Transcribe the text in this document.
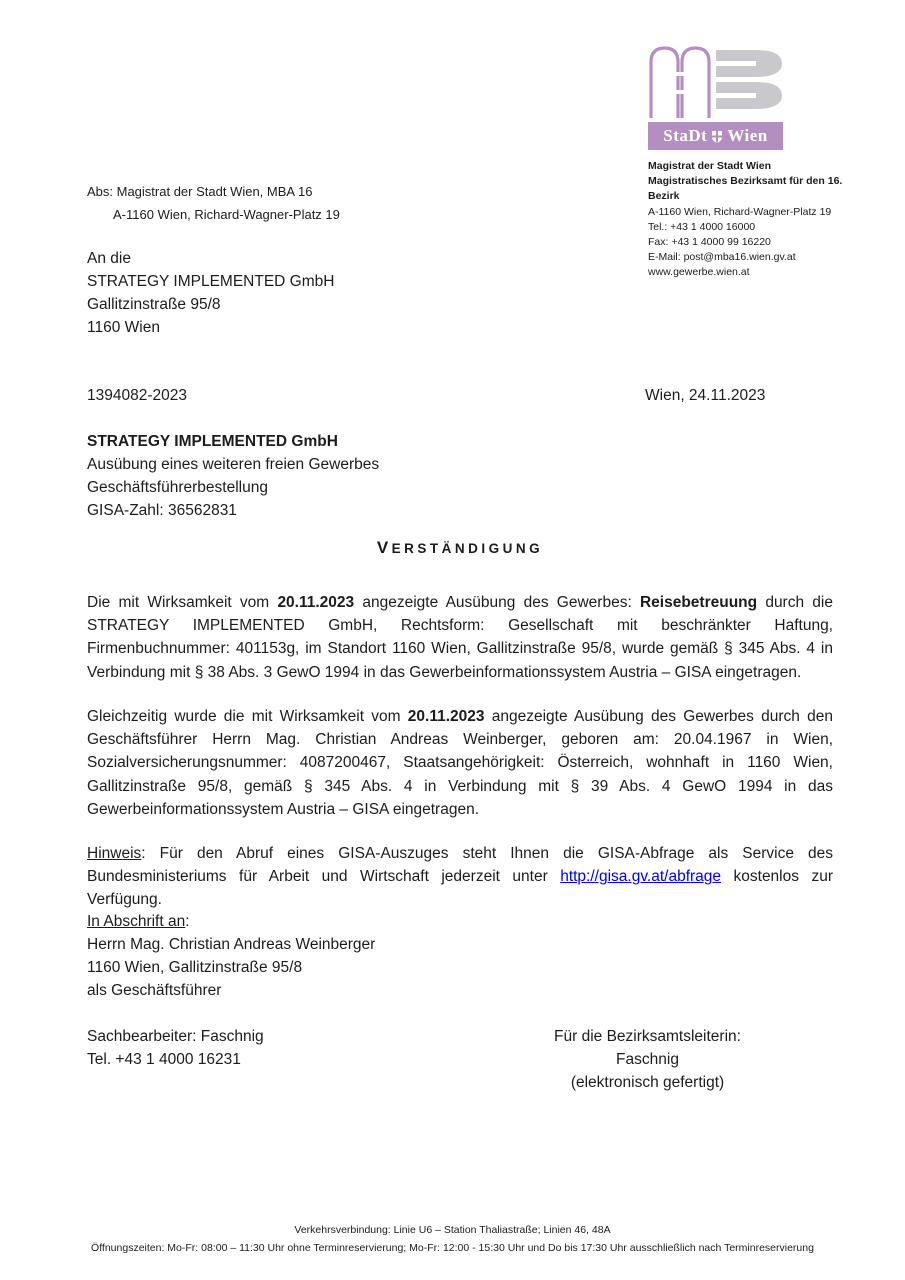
StaDt Wien
Magistrat der Stadt Wien
Magistratisches Bezirksamt für den 16.
Bezirk
A-1160 Wien, Richard-Wagner-Platz 19
Tel.: +43 1 4000 16000
Fax: +43 1 4000 99 16220
E-Mail: post@mba16.wien.gv.at
www.gewerbe.wien.at
Abs: Magistrat der Stadt Wien, MBA 16
A-1160 Wien, Richard-Wagner-Platz 19
An die
STRATEGY IMPLEMENTED GmbH
Gallitzinstraße 95/8
1160 Wien
1394082-2023	Wien, 24.11.2023
STRATEGY IMPLEMENTED GmbH
Ausübung eines weiteren freien Gewerbes
Geschäftsführerbestellung
GISA-Zahl: 36562831
VERSTÄNDIGUNG
Die mit Wirksamkeit vom 20.11.2023 angezeigte Ausübung des Gewerbes: Reisebetreuung durch die STRATEGY IMPLEMENTED GmbH, Rechtsform: Gesellschaft mit beschränkter Haftung, Firmenbuchnummer: 401153g, im Standort 1160 Wien, Gallitzinstraße 95/8, wurde gemäß § 345 Abs. 4 in Verbindung mit § 38 Abs. 3 GewO 1994 in das Gewerbeinformationssystem Austria – GISA eingetragen.
Gleichzeitig wurde die mit Wirksamkeit vom 20.11.2023 angezeigte Ausübung des Gewerbes durch den Geschäftsführer Herrn Mag. Christian Andreas Weinberger, geboren am: 20.04.1967 in Wien, Sozialversicherungsnummer: 4087200467, Staatsangehörigkeit: Österreich, wohnhaft in 1160 Wien, Gallitzinstraße 95/8, gemäß § 345 Abs. 4 in Verbindung mit § 39 Abs. 4 GewO 1994 in das Gewerbeinformationssystem Austria – GISA eingetragen.
Hinweis: Für den Abruf eines GISA-Auszuges steht Ihnen die GISA-Abfrage als Service des Bundesministeriums für Arbeit und Wirtschaft jederzeit unter http://gisa.gv.at/abfrage kostenlos zur Verfügung.
In Abschrift an:
Herrn Mag. Christian Andreas Weinberger
1160 Wien, Gallitzinstraße 95/8
als Geschäftsführer
Sachbearbeiter: Faschnig
Tel. +43 1 4000 16231
Für die Bezirksamtsleiterin:
Faschnig
(elektronisch gefertigt)
Verkehrsverbindung: Linie U6 – Station Thaliastraße; Linien 46, 48A
Öffnungszeiten: Mo-Fr: 08:00 – 11:30 Uhr ohne Terminreservierung; Mo-Fr: 12:00 - 15:30 Uhr und Do bis 17:30 Uhr ausschließlich nach Terminreservierung
